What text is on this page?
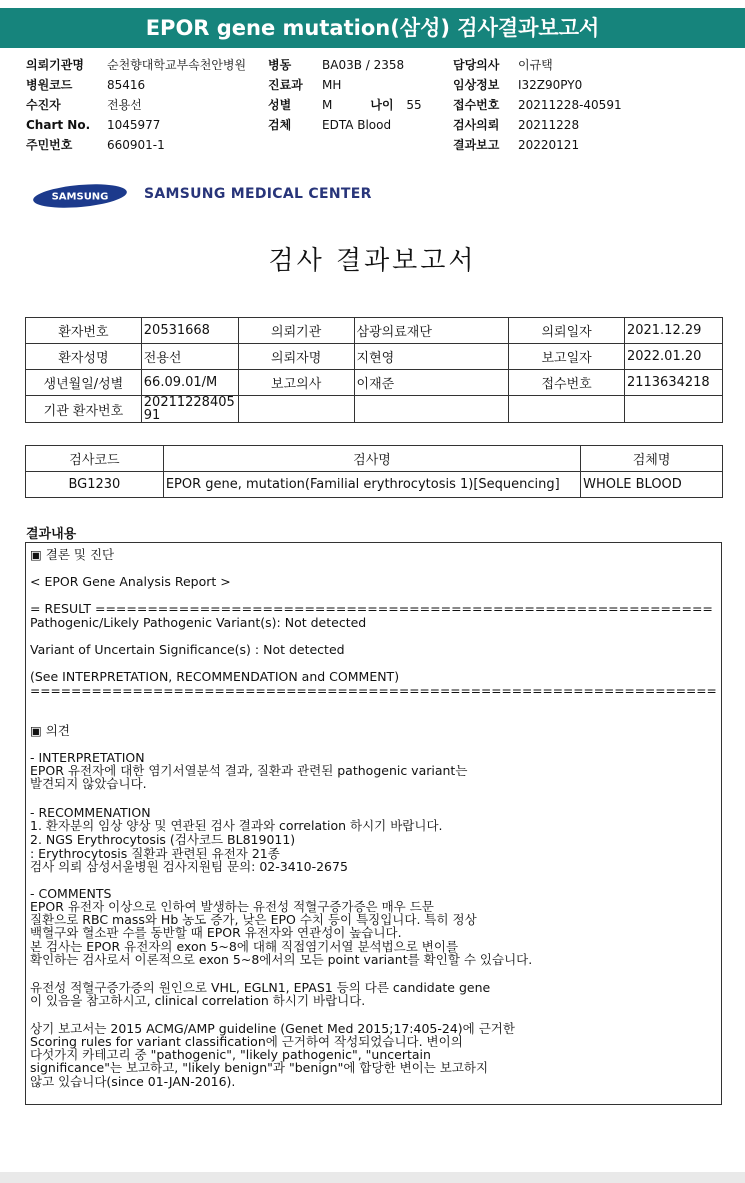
EPOR gene mutation(삼성) 검사결과보고서
의뢰기관명	순천향대학교부속천안병원
병원코드	85416
수진자	전용선
Chart No.	1045977
주민번호	660901-1
병동	BA03B / 2358
진료과	MH
성별	M	나이	55
검체	EDTA Blood
담당의사	이규택
임상정보	I32Z90PY0
접수번호	20211228-40591
검사의뢰	20211228
결과보고	20220121
SAMSUNG	SAMSUNG MEDICAL CENTER
검사 결과보고서
환자번호	20531668	의뢰기관	삼광의료재단	의뢰일자	2021.12.29
환자성명	전용선	의뢰자명	지현영	보고일자	2022.01.20
생년월일/성별	66.09.01/M	보고의사	이재준	접수번호	2113634218
기관 환자번호	20211228405
91				

검사코드	검사명	검체명
BG1230	EPOR gene, mutation(Familial erythrocytosis 1)[Sequencing]	WHOLE BLOOD
결과내용
▣ 결론 및 진단
< EPOR Gene Analysis Report >
= RESULT ===========================================================
Pathogenic/Likely Pathogenic Variant(s): Not detected
Variant of Uncertain Significance(s) : Not detected
(See INTERPRETATION, RECOMMENDATION and COMMENT)
===================================================================
▣ 의견
- INTERPRETATION
EPOR 유전자에 대한 염기서열분석 결과, 질환과 관련된 pathogenic variant는
발견되지 않았습니다.
- RECOMMENATION
1. 환자분의 임상 양상 및 연관된 검사 결과와 correlation 하시기 바랍니다.
2. NGS Erythrocytosis (검사코드 BL819011)
: Erythrocytosis 질환과 관련된 유전자 21종
검사 의뢰 삼성서울병원 검사지원팀 문의: 02-3410-2675
- COMMENTS
EPOR 유전자 이상으로 인하여 발생하는 유전성 적혈구증가증은 매우 드문
질환으로 RBC mass와 Hb 농도 증가, 낮은 EPO 수치 등이 특징입니다. 특히 정상
백혈구와 혈소판 수를 동반할 때 EPOR 유전자와 연관성이 높습니다.
본 검사는 EPOR 유전자의 exon 5~8에 대해 직접염기서열 분석법으로 변이를
확인하는 검사로서 이론적으로 exon 5~8에서의 모든 point variant를 확인할 수 있습니다.
유전성 적혈구증가증의 원인으로 VHL, EGLN1, EPAS1 등의 다른 candidate gene
이 있음을 참고하시고, clinical correlation 하시기 바랍니다.
상기 보고서는 2015 ACMG/AMP guideline (Genet Med 2015;17:405-24)에 근거한
Scoring rules for variant classification에 근거하여 작성되었습니다. 변이의
다섯가지 카테고리 중 "pathogenic", "likely pathogenic", "uncertain
significance"는 보고하고, "likely benign"과 "benign"에 합당한 변이는 보고하지
않고 있습니다(since 01-JAN-2016).
